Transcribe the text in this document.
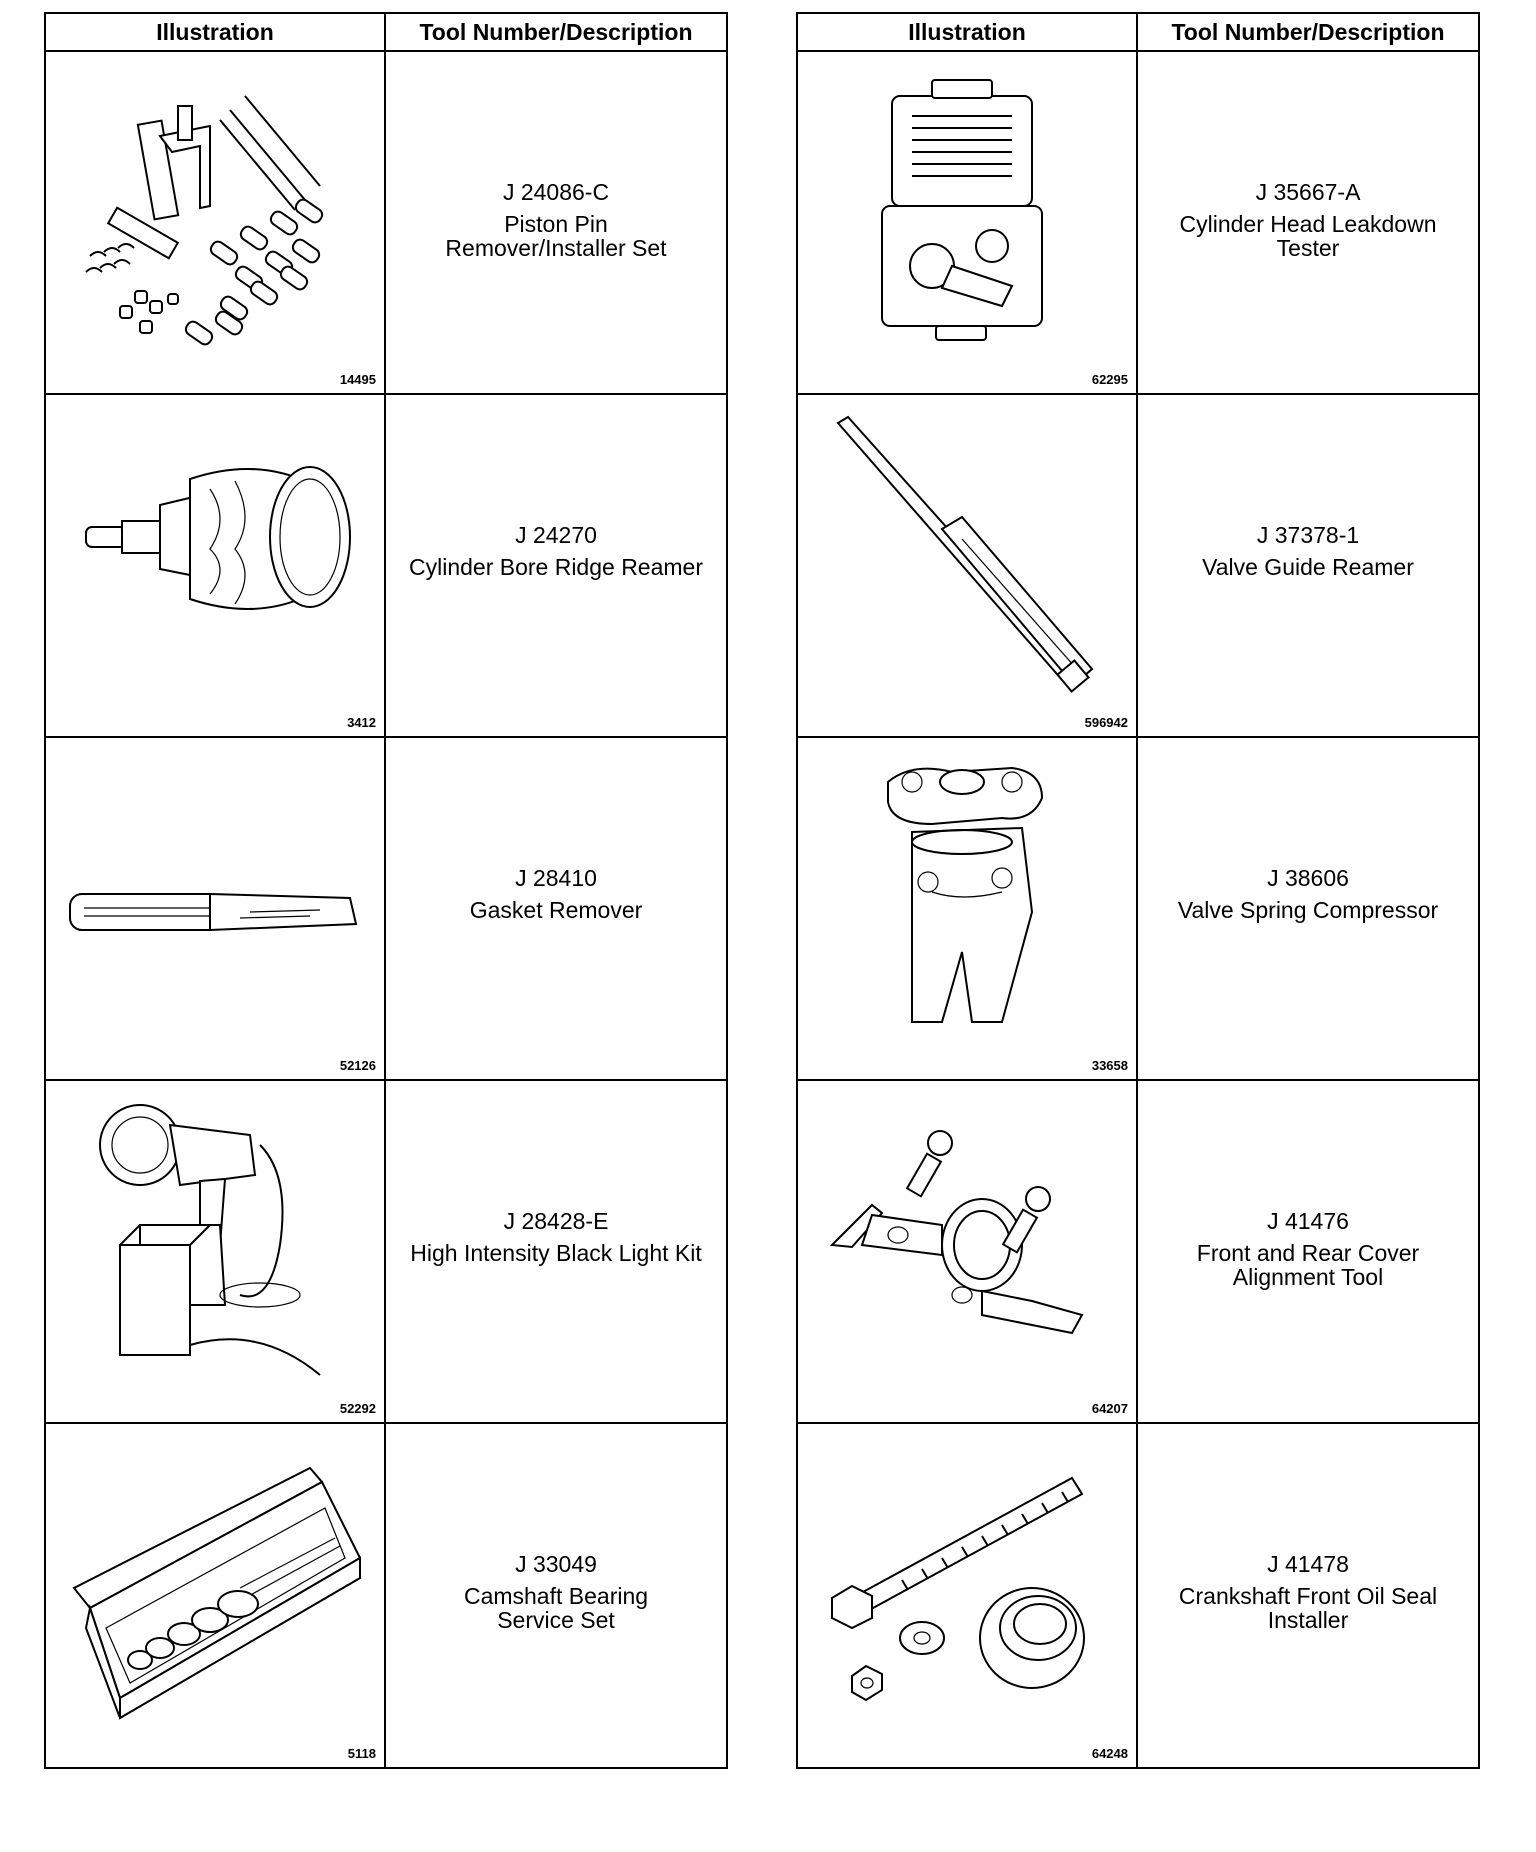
Illustration	Tool Number/Description
14495
J 24086-C
Piston Pin
Remover/Installer Set
3412
J 24270
Cylinder Bore Ridge Reamer
52126
J 28410
Gasket Remover
52292
J 28428-E
High Intensity Black Light Kit
5118
J 33049
Camshaft Bearing
Service Set
Illustration	Tool Number/Description
62295
J 35667-A
Cylinder Head Leakdown
Tester
596942
J 37378-1
Valve Guide Reamer
33658
J 38606
Valve Spring Compressor
64207
J 41476
Front and Rear Cover
Alignment Tool
64248
J 41478
Crankshaft Front Oil Seal
Installer
